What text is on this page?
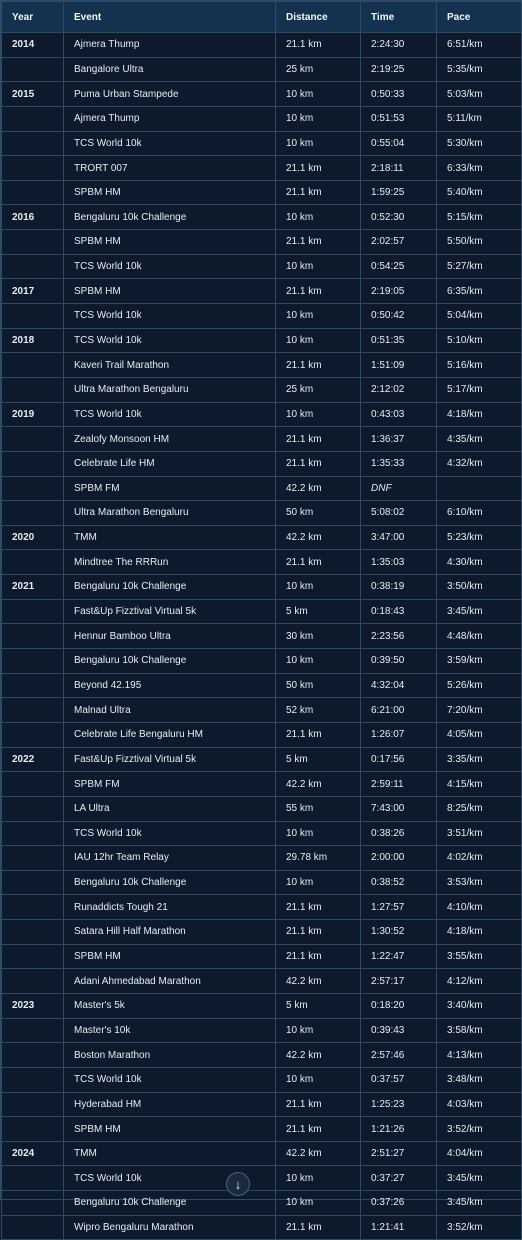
Year	Event	Distance	Time	Pace
2014	Ajmera Thump	21.1 km	2:24:30	6:51/km
	Bangalore Ultra	25 km	2:19:25	5:35/km
2015	Puma Urban Stampede	10 km	0:50:33	5:03/km
	Ajmera Thump	10 km	0:51:53	5:11/km
	TCS World 10k	10 km	0:55:04	5:30/km
	TRORT 007	21.1 km	2:18:11	6:33/km
	SPBM HM	21.1 km	1:59:25	5:40/km
2016	Bengaluru 10k Challenge	10 km	0:52:30	5:15/km
	SPBM HM	21.1 km	2:02:57	5:50/km
	TCS World 10k	10 km	0:54:25	5:27/km
2017	SPBM HM	21.1 km	2:19:05	6:35/km
	TCS World 10k	10 km	0:50:42	5:04/km
2018	TCS World 10k	10 km	0:51:35	5:10/km
	Kaveri Trail Marathon	21.1 km	1:51:09	5:16/km
	Ultra Marathon Bengaluru	25 km	2:12:02	5:17/km
2019	TCS World 10k	10 km	0:43:03	4:18/km
	Zealofy Monsoon HM	21.1 km	1:36:37	4:35/km
	Celebrate Life HM	21.1 km	1:35:33	4:32/km
	SPBM FM	42.2 km	DNF	
	Ultra Marathon Bengaluru	50 km	5:08:02	6:10/km
2020	TMM	42.2 km	3:47:00	5:23/km
	Mindtree The RRRun	21.1 km	1:35:03	4:30/km
2021	Bengaluru 10k Challenge	10 km	0:38:19	3:50/km
	Fast&Up Fizztival Virtual 5k	5 km	0:18:43	3:45/km
	Hennur Bamboo Ultra	30 km	2:23:56	4:48/km
	Bengaluru 10k Challenge	10 km	0:39:50	3:59/km
	Beyond 42.195	50 km	4:32:04	5:26/km
	Malnad Ultra	52 km	6:21:00	7:20/km
	Celebrate Life Bengaluru HM	21.1 km	1:26:07	4:05/km
2022	Fast&Up Fizztival Virtual 5k	5 km	0:17:56	3:35/km
	SPBM FM	42.2 km	2:59:11	4:15/km
	LA Ultra	55 km	7:43:00	8:25/km
	TCS World 10k	10 km	0:38:26	3:51/km
	IAU 12hr Team Relay	29.78 km	2:00:00	4:02/km
	Bengaluru 10k Challenge	10 km	0:38:52	3:53/km
	Runaddicts Tough 21	21.1 km	1:27:57	4:10/km
	Satara Hill Half Marathon	21.1 km	1:30:52	4:18/km
	SPBM HM	21.1 km	1:22:47	3:55/km
	Adani Ahmedabad Marathon	42.2 km	2:57:17	4:12/km
2023	Master's 5k	5 km	0:18:20	3:40/km
	Master's 10k	10 km	0:39:43	3:58/km
	Boston Marathon	42.2 km	2:57:46	4:13/km
	TCS World 10k	10 km	0:37:57	3:48/km
	Hyderabad HM	21.1 km	1:25:23	4:03/km
	SPBM HM	21.1 km	1:21:26	3:52/km
2024	TMM	42.2 km	2:51:27	4:04/km
	TCS World 10k	10 km	0:37:27	3:45/km
	Bengaluru 10k Challenge	10 km	0:37:26	3:45/km
	Wipro Bengaluru Marathon	21.1 km	1:21:41	3:52/km
↓
